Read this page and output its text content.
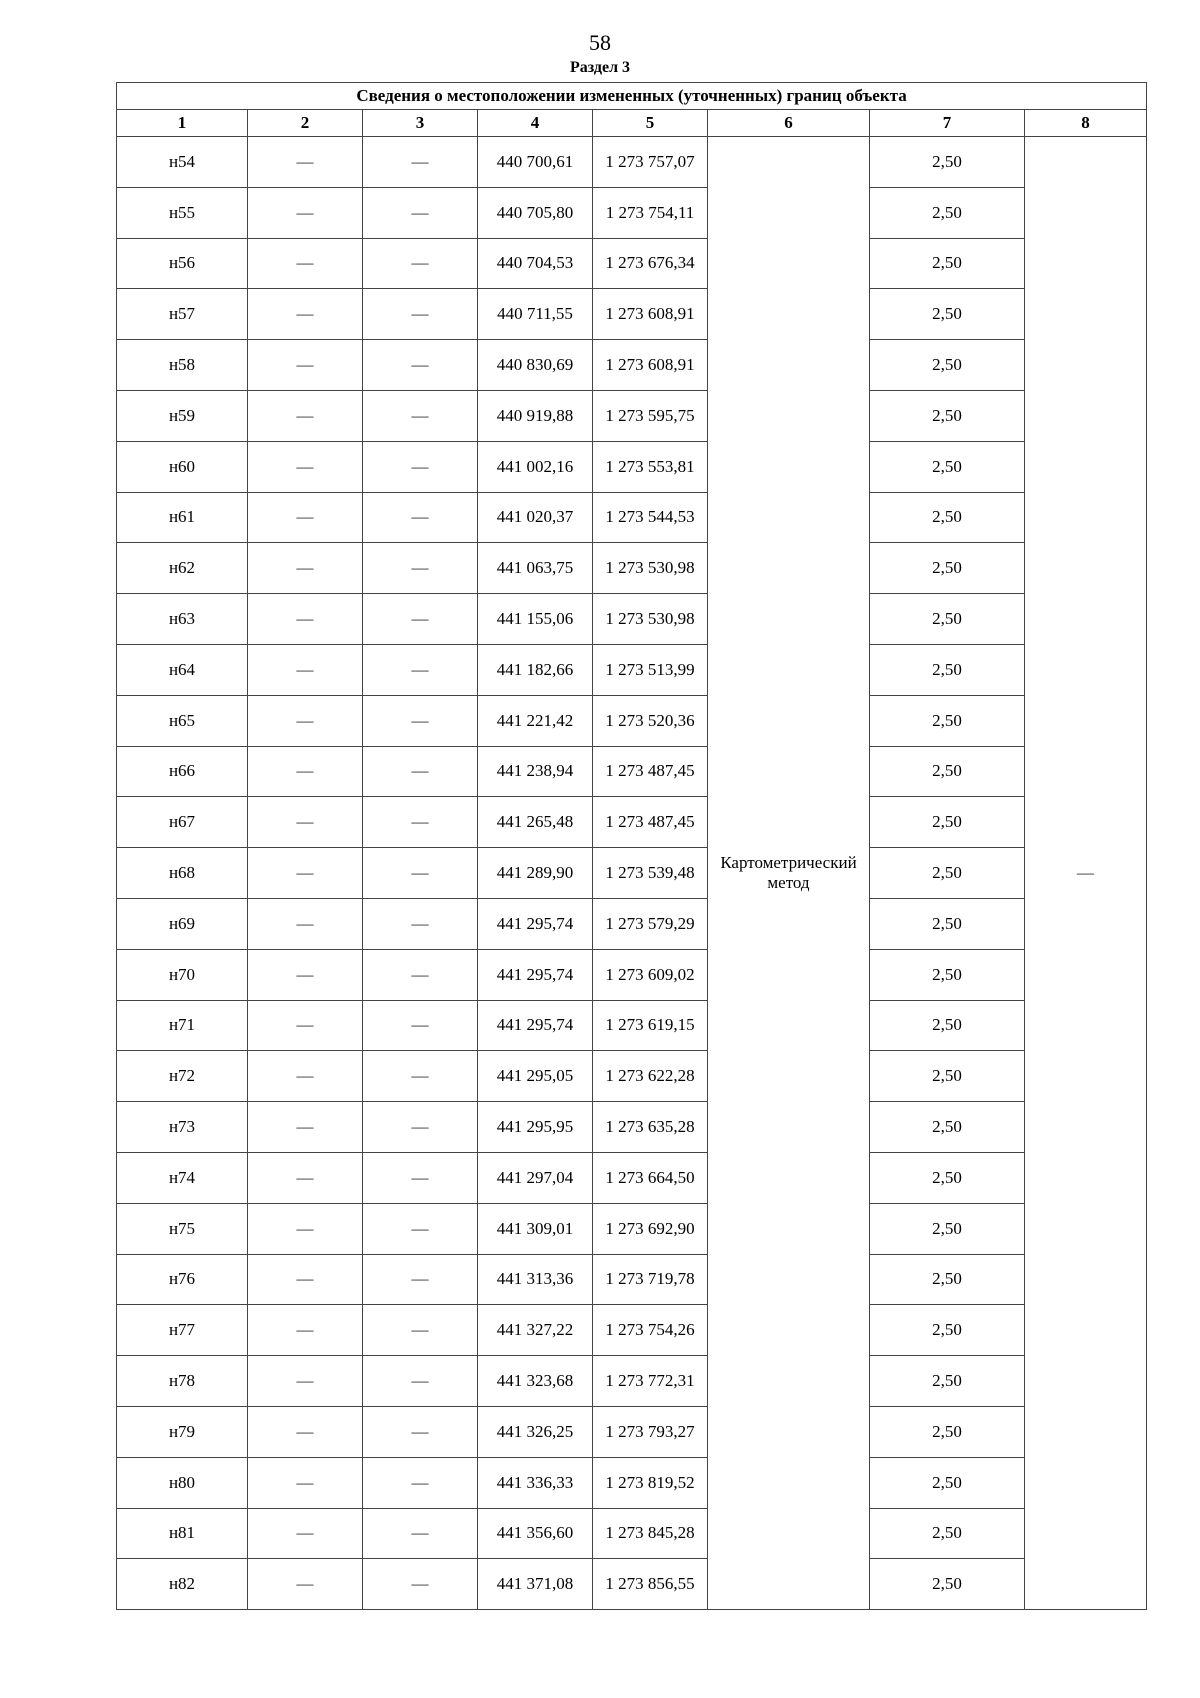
58
Раздел 3
Сведения о местоположении измененных (уточненных) границ объекта							
1	2	3	4	5	6	7	8
н54	—	—	440 700,61	1 273 757,07	Картометрический метод	2,50	—
н55	—	—	440 705,80	1 273 754,11		2,50	
н56	—	—	440 704,53	1 273 676,34		2,50	
н57	—	—	440 711,55	1 273 608,91		2,50	
н58	—	—	440 830,69	1 273 608,91		2,50	
н59	—	—	440 919,88	1 273 595,75		2,50	
н60	—	—	441 002,16	1 273 553,81		2,50	
н61	—	—	441 020,37	1 273 544,53		2,50	
н62	—	—	441 063,75	1 273 530,98		2,50	
н63	—	—	441 155,06	1 273 530,98		2,50	
н64	—	—	441 182,66	1 273 513,99		2,50	
н65	—	—	441 221,42	1 273 520,36		2,50	
н66	—	—	441 238,94	1 273 487,45		2,50	
н67	—	—	441 265,48	1 273 487,45		2,50	
н68	—	—	441 289,90	1 273 539,48		2,50	
н69	—	—	441 295,74	1 273 579,29		2,50	
н70	—	—	441 295,74	1 273 609,02		2,50	
н71	—	—	441 295,74	1 273 619,15		2,50	
н72	—	—	441 295,05	1 273 622,28		2,50	
н73	—	—	441 295,95	1 273 635,28		2,50	
н74	—	—	441 297,04	1 273 664,50		2,50	
н75	—	—	441 309,01	1 273 692,90		2,50	
н76	—	—	441 313,36	1 273 719,78		2,50	
н77	—	—	441 327,22	1 273 754,26		2,50	
н78	—	—	441 323,68	1 273 772,31		2,50	
н79	—	—	441 326,25	1 273 793,27		2,50	
н80	—	—	441 336,33	1 273 819,52		2,50	
н81	—	—	441 356,60	1 273 845,28		2,50	
н82	—	—	441 371,08	1 273 856,55		2,50	
